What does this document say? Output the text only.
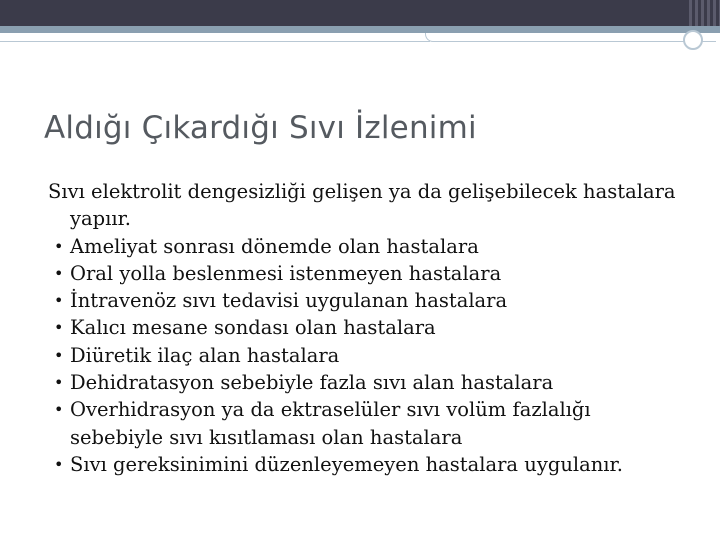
Aldığı Çıkardığı Sıvı İzlenimi

Sıvı elektrolit dengesizliği gelişen ya da gelişebilecek hastalara yapıır.

• Ameliyat sonrası dönemde olan hastalara
• Oral yolla beslenmesi istenmeyen hastalara
• İntravenöz sıvı tedavisi uygulanan hastalara
• Kalıcı mesane sondası olan hastalara
• Diüretik ilaç alan hastalara
• Dehidratasyon sebebiyle fazla sıvı alan hastalara
• Overhidrasyon ya da ektraselüler sıvı volüm fazlalığı sebebiyle sıvı kısıtlaması olan hastalara
• Sıvı gereksinimini düzenleyemeyen hastalara uygulanır.
